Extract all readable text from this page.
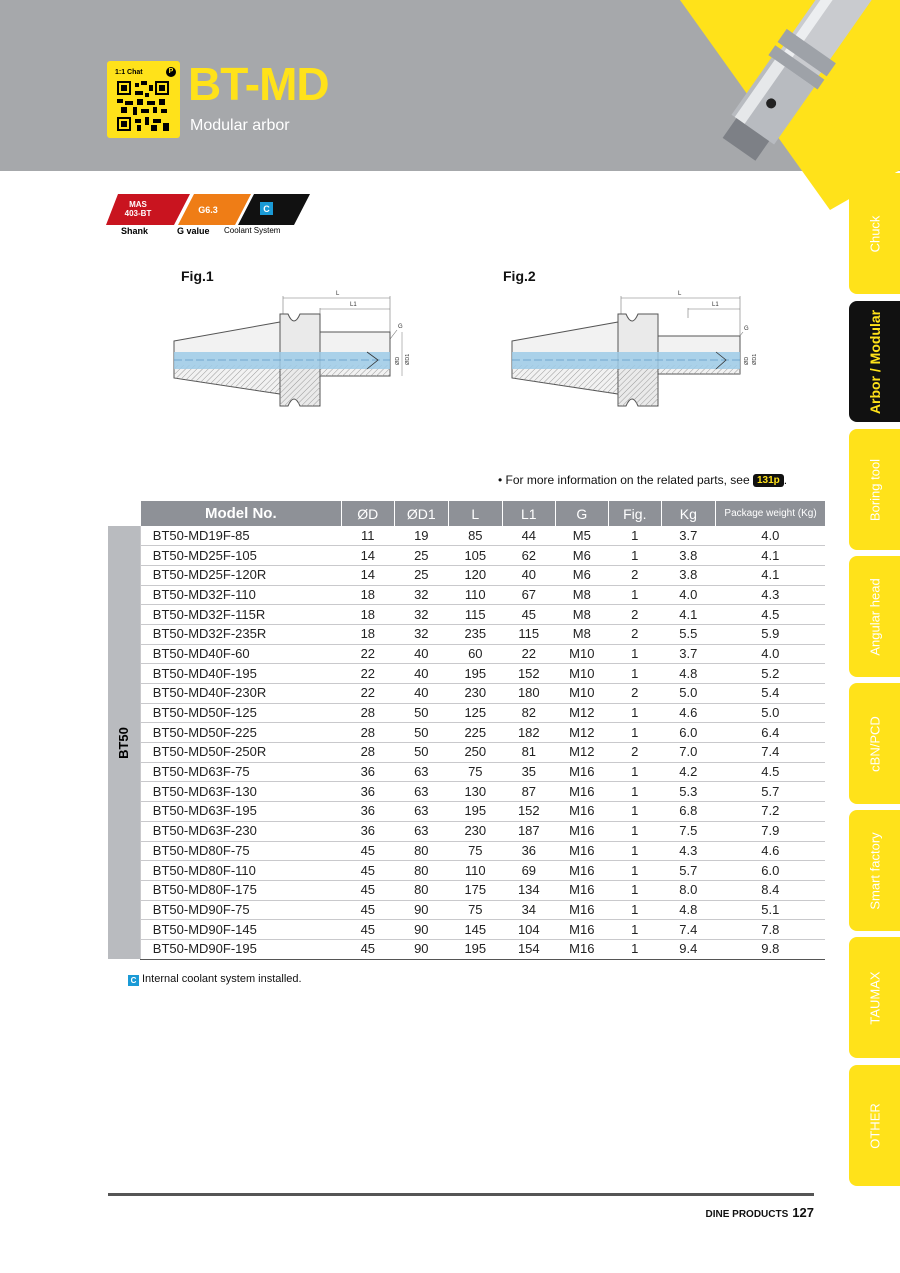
1:1 Chat	P BT-MD
Modular arbor
MAS
403-BT	G6.3	C
Shank	G value Coolant System	Chuck
Arbor / Modular
Boring tool
Angular head
cBN/PCD
Smart factory
TAUMAX
OTHER
Fig.1	Fig.2
L
L1
G
ØD ØD1
L
L1
G
ØD ØD1
• For more information on the related parts, see 131p .
	Model No.	ØD	ØD1	L	L1	G	Fig.	Kg	Package weight (Kg)
BT50	BT50-MD19F-85	11	19	85	44	M5	1	3.7	4.0
	BT50-MD25F-105	14	25	105	62	M6	1	3.8	4.1
	BT50-MD25F-120R	14	25	120	40	M6	2	3.8	4.1
	BT50-MD32F-110	18	32	110	67	M8	1	4.0	4.3
	BT50-MD32F-115R	18	32	115	45	M8	2	4.1	4.5
	BT50-MD32F-235R	18	32	235	115	M8	2	5.5	5.9
	BT50-MD40F-60	22	40	60	22	M10	1	3.7	4.0
	BT50-MD40F-195	22	40	195	152	M10	1	4.8	5.2
	BT50-MD40F-230R	22	40	230	180	M10	2	5.0	5.4
	BT50-MD50F-125	28	50	125	82	M12	1	4.6	5.0
	BT50-MD50F-225	28	50	225	182	M12	1	6.0	6.4
	BT50-MD50F-250R	28	50	250	81	M12	2	7.0	7.4
	BT50-MD63F-75	36	63	75	35	M16	1	4.2	4.5
	BT50-MD63F-130	36	63	130	87	M16	1	5.3	5.7
	BT50-MD63F-195	36	63	195	152	M16	1	6.8	7.2
	BT50-MD63F-230	36	63	230	187	M16	1	7.5	7.9
	BT50-MD80F-75	45	80	75	36	M16	1	4.3	4.6
	BT50-MD80F-110	45	80	110	69	M16	1	5.7	6.0
	BT50-MD80F-175	45	80	175	134	M16	1	8.0	8.4
	BT50-MD90F-75	45	90	75	34	M16	1	4.8	5.1
	BT50-MD90F-145	45	90	145	104	M16	1	7.4	7.8
	BT50-MD90F-195	45	90	195	154	M16	1	9.4	9.8
C Internal coolant system installed.
DINE PRODUCTS 127
